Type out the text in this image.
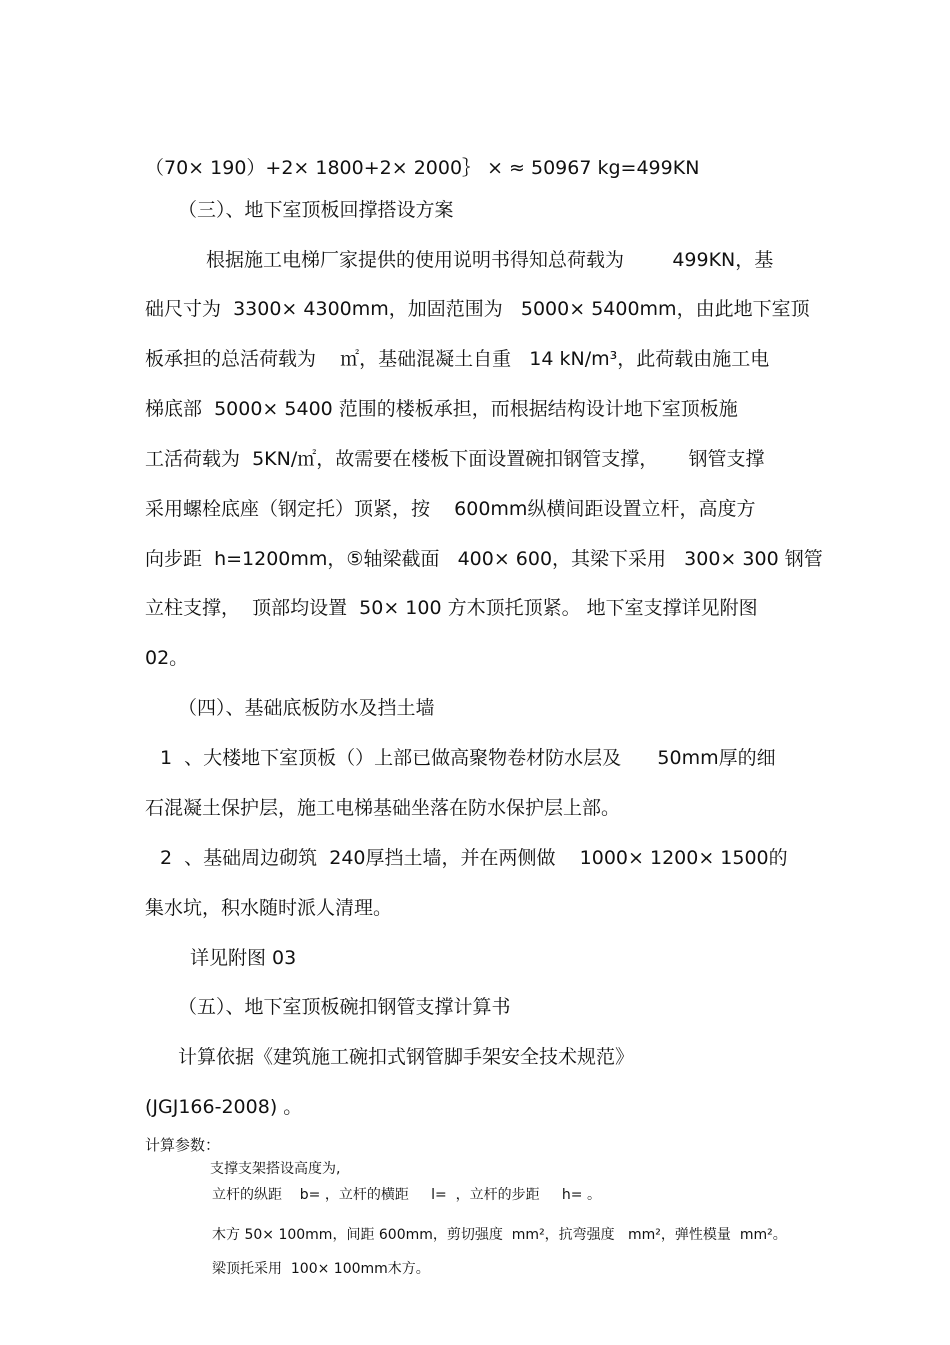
（70× 190）+2× 1800+2× 2000｝ × ≈ 50967 kg=499KN
（三）、地下室顶板回撑搭设方案
根据施工电梯厂家提供的使用说明书得知总荷载为        499KN，基
础尺寸为  3300× 4300mm，加固范围为   5000× 5400mm，由此地下室顶
板承担的总活荷载为    ㎡，基础混凝土自重   14 kN/m³，此荷载由施工电
梯底部  5000× 5400 范围的楼板承担，而根据结构设计地下室顶板施
工活荷载为  5KN/㎡，故需要在楼板下面设置碗扣钢管支撑，     钢管支撑
采用螺栓底座（钢定托）顶紧，按    600mm纵横间距设置立杆，高度方
向步距  h=1200mm，⑤轴梁截面   400× 600，其梁下采用   300× 300 钢管
立柱支撑，  顶部均设置  50× 100 方木顶托顶紧。 地下室支撑详见附图
02。
（四）、基础底板防水及挡土墙
1  、大楼地下室顶板（）上部已做高聚物卷材防水层及      50mm厚的细
石混凝土保护层，施工电梯基础坐落在防水保护层上部。
2  、基础周边砌筑  240厚挡土墙，并在两侧做    1000× 1200× 1500的
集水坑，积水随时派人清理。
详见附图 03
（五）、地下室顶板碗扣钢管支撑计算书
计算依据《建筑施工碗扣式钢管脚手架安全技术规范》
(JGJ166-2008) 。
计算参数：
支撑支架搭设高度为,
立杆的纵距    b= ，立杆的横距     l=  ，立杆的步距     h= 。
木方 50× 100mm，间距 600mm，剪切强度  mm²，抗弯强度   mm²，弹性模量  mm²。
梁顶托采用  100× 100mm木方。
